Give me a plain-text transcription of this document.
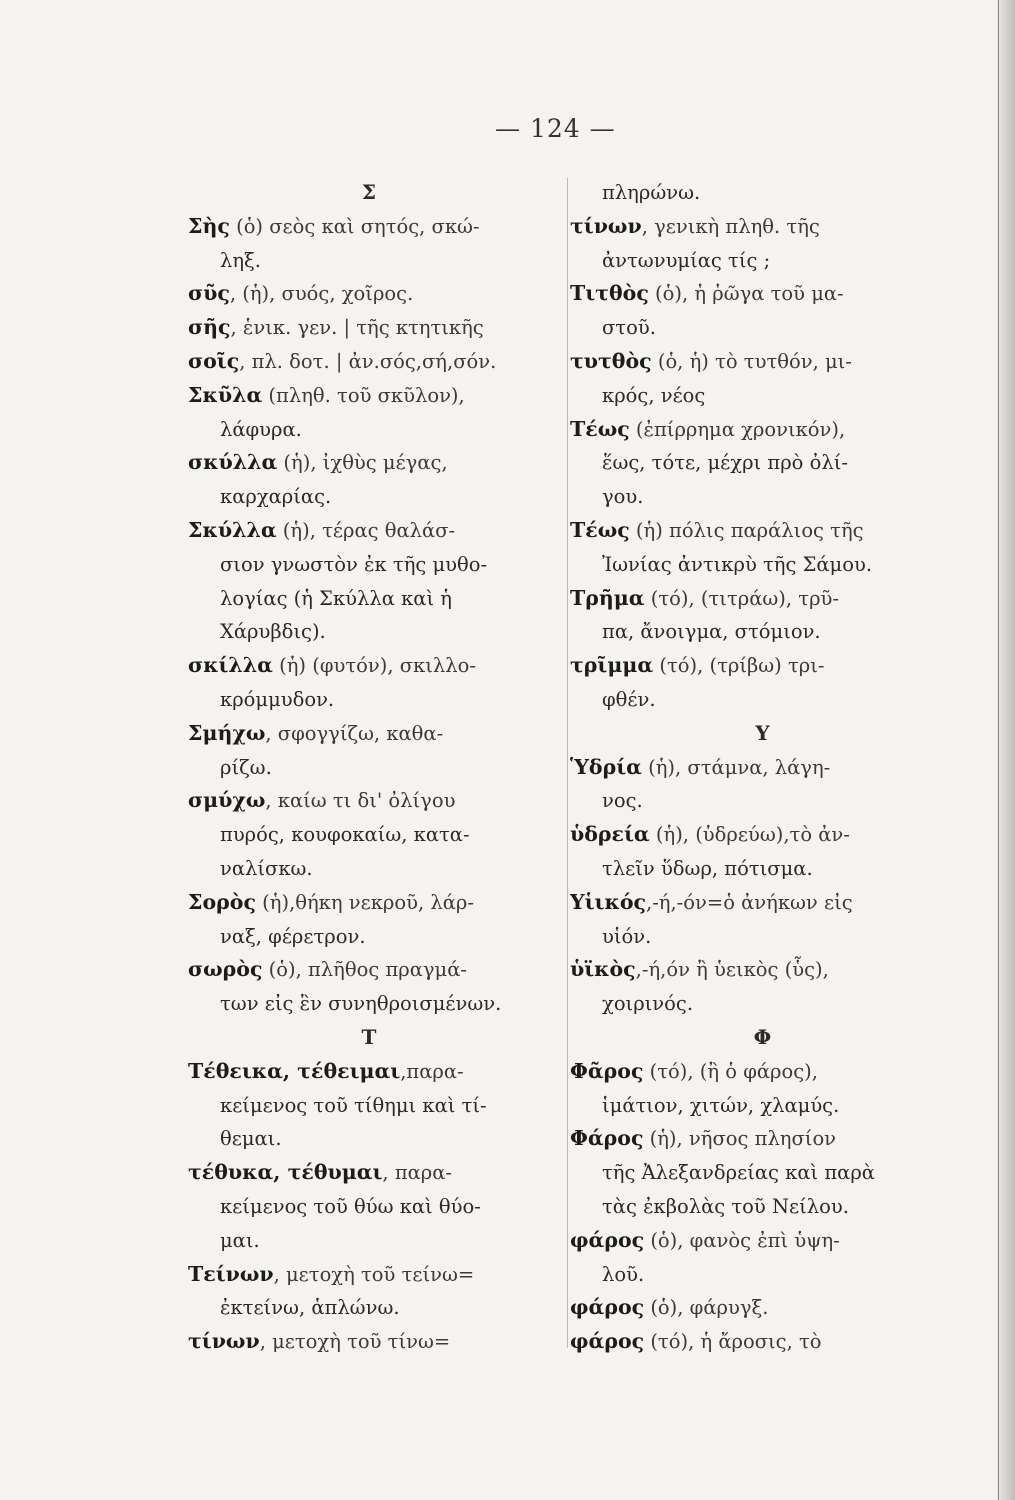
— 124 —
Σ
Σὴς (ὁ) σεὸς καὶ σητός, σκώ-
ληξ.
σῦς, (ἡ), συός, χοῖρος.
σῆς, ἑνικ. γεν. | τῆς κτητικῆς
σοῖς, πλ. δοτ. | ἀν.σός,σή,σόν.
Σκῦλα (πληθ. τοῦ σκῦλον),
λάφυρα.
σκύλλα (ἡ), ἰχθὺς μέγας,
καρχαρίας.
Σκύλλα (ἡ), τέρας θαλάσ-
σιον γνωστὸν ἐκ τῆς μυθο-
λογίας (ἡ Σκύλλα καὶ ἡ
Χάρυβδις).
σκίλλα (ἡ) (φυτόν), σκιλλο-
κρόμμυδον.
Σμήχω, σφογγίζω, καθα-
ρίζω.
σμύχω, καίω τι δι' ὀλίγου
πυρός, κουφοκαίω, κατα-
ναλίσκω.
Σορὸς (ἡ),θήκη νεκροῦ, λάρ-
ναξ, φέρετρον.
σωρὸς (ὁ), πλῆθος πραγμά-
των εἰς ἓν συνηθροισμένων.
Τ
Τέθεικα, τέθειμαι,παρα-
κείμενος τοῦ τίθημι καὶ τί-
θεμαι.
τέθυκα, τέθυμαι, παρα-
κείμενος τοῦ θύω καὶ θύο-
μαι.
Τείνων, μετοχὴ τοῦ τείνω=
ἐκτείνω, ἁπλώνω.
τίνων, μετοχὴ τοῦ τίνω=
πληρώνω.
τίνων, γενικὴ πληθ. τῆς
ἀντωνυμίας τίς ;
Τιτθὸς (ὁ), ἡ ῥῶγα τοῦ μα-
στοῦ.
τυτθὸς (ὁ, ἡ) τὸ τυτθόν, μι-
κρός, νέος
Τέως (ἐπίρρημα χρονικόν),
ἕως, τότε, μέχρι πρὸ ὀλί-
γου.
Τέως (ἡ) πόλις παράλιος τῆς
Ἰωνίας ἀντικρὺ τῆς Σάμου.
Τρῆμα (τό), (τιτράω), τρῦ-
πα, ἄνοιγμα, στόμιον.
τρῖμμα (τό), (τρίβω) τρι-
φθέν.
Υ
Ὑδρία (ἡ), στάμνα, λάγη-
νος.
ὑδρεία (ἡ), (ὑδρεύω),τὸ ἀν-
τλεῖν ὕδωρ, πότισμα.
Υἱικός,-ή,-όν=ὁ ἀνήκων εἰς
υἱόν.
ὑϊκὸς,-ή,όν ἢ ὑεικὸς (ὗς),
χοιρινός.
Φ
Φᾶρος (τό), (ἢ ὁ φάρος),
ἱμάτιον, χιτών, χλαμύς.
Φάρος (ἡ), νῆσος πλησίον
τῆς Ἀλεξανδρείας καὶ παρὰ
τὰς ἐκβολὰς τοῦ Νείλου.
φάρος (ὁ), φανὸς ἐπὶ ὑψη-
λοῦ.
φάρος (ὁ), φάρυγξ.
φάρος (τό), ἡ ἄροσις, τὸ
